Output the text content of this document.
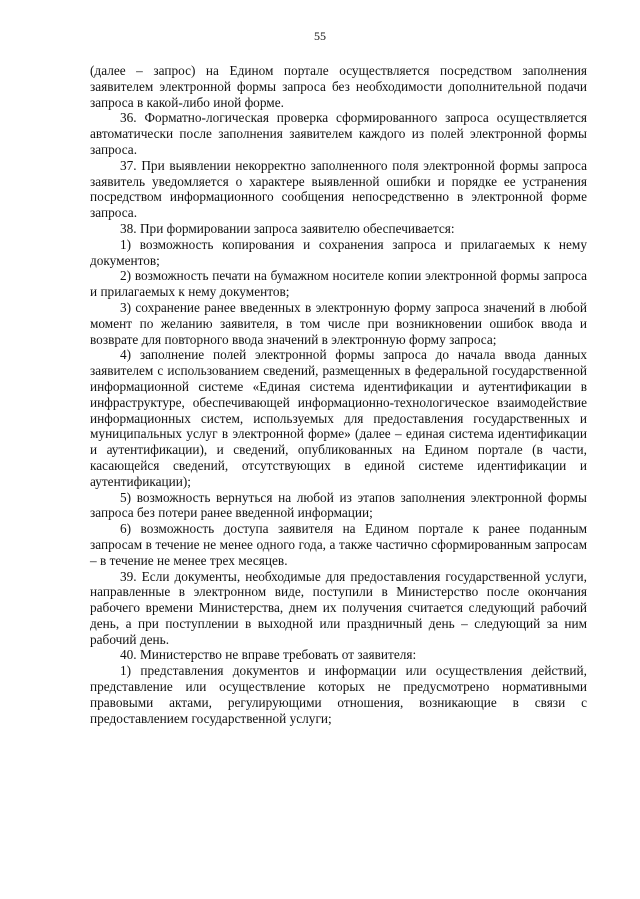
55

(далее – запрос) на Едином портале осуществляется посредством заполнения заявителем электронной формы запроса без необходимости дополнительной подачи запроса в какой-либо иной форме.

36. Форматно-логическая проверка сформированного запроса осуществляется автоматически после заполнения заявителем каждого из полей электронной формы запроса.

37. При выявлении некорректно заполненного поля электронной формы запроса заявитель уведомляется о характере выявленной ошибки и порядке ее устранения посредством информационного сообщения непосредственно в электронной форме запроса.

38. При формировании запроса заявителю обеспечивается:

1) возможность копирования и сохранения запроса и прилагаемых к нему документов;

2) возможность печати на бумажном носителе копии электронной формы запроса и прилагаемых к нему документов;

3) сохранение ранее введенных в электронную форму запроса значений в любой момент по желанию заявителя, в том числе при возникновении ошибок ввода и возврате для повторного ввода значений в электронную форму запроса;

4) заполнение полей электронной формы запроса до начала ввода данных заявителем с использованием сведений, размещенных в федеральной государственной информационной системе «Единая система идентификации и аутентификации в инфраструктуре, обеспечивающей информационно-технологическое взаимодействие информационных систем, используемых для предоставления государственных и муниципальных услуг в электронной форме» (далее – единая система идентификации и аутентификации), и сведений, опубликованных на Едином портале (в части, касающейся сведений, отсутствующих в единой системе идентификации и аутентификации);

5) возможность вернуться на любой из этапов заполнения электронной формы запроса без потери ранее введенной информации;

6) возможность доступа заявителя на Едином портале к ранее поданным запросам в течение не менее одного года, а также частично сформированным запросам – в течение не менее трех месяцев.

39. Если документы, необходимые для предоставления государственной услуги, направленные в электронном виде, поступили в Министерство после окончания рабочего времени Министерства, днем их получения считается следующий рабочий день, а при поступлении в выходной или праздничный день – следующий за ним рабочий день.

40. Министерство не вправе требовать от заявителя:

1) представления документов и информации или осуществления действий, представление или осуществление которых не предусмотрено нормативными правовыми актами, регулирующими отношения, возникающие в связи с предоставлением государственной услуги;
